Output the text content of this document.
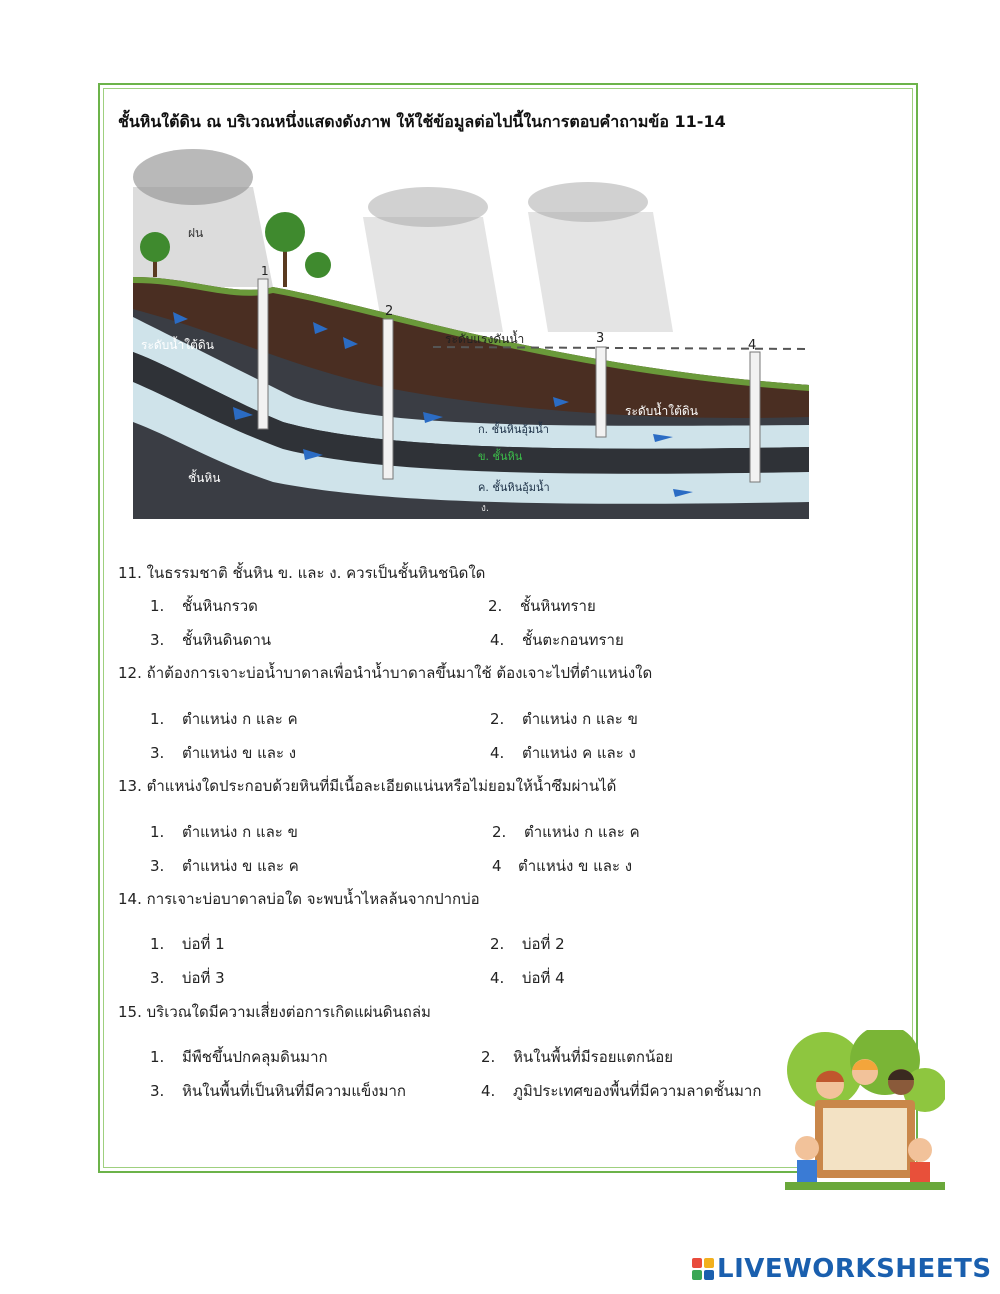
ชั้นหินใต้ดิน ณ บริเวณหนึ่งแสดงดังภาพ ให้ใช้ข้อมูลต่อไปนี้ในการตอบคำถามข้อ 11-14
ฝน
1
2
3	4
ระดับน้ำใต้ดิน	ระดับแรงดันน้ำ
ระดับน้ำใต้ดิน
ก. ชั้นหินอุ้มน้ำ
ข. ชั้นหิน
ค. ชั้นหินอุ้มน้ำ
ง.
ชั้นหิน
11. ในธรรมชาติ ชั้นหิน ข. และ ง. ควรเป็นชั้นหินชนิดใด
1. ชั้นหินกรวด	2. ชั้นหินทราย
3. ชั้นหินดินดาน	4. ชั้นตะกอนทราย
12. ถ้าต้องการเจาะบ่อน้ำบาดาลเพื่อนำน้ำบาดาลขึ้นมาใช้ ต้องเจาะไปที่ตำแหน่งใด
1. ตำแหน่ง ก และ ค	2. ตำแหน่ง ก และ ข
3. ตำแหน่ง ข และ ง	4. ตำแหน่ง ค และ ง
13. ตำแหน่งใดประกอบด้วยหินที่มีเนื้อละเอียดแน่นหรือไม่ยอมให้น้ำซึมผ่านได้
1. ตำแหน่ง ก และ ข	2. ตำแหน่ง ก และ ค
3. ตำแหน่ง ข และ ค	4 ตำแหน่ง ข และ ง
14. การเจาะบ่อบาดาลบ่อใด จะพบน้ำไหลล้นจากปากบ่อ
1. บ่อที่ 1	2. บ่อที่ 2
3. บ่อที่ 3	4. บ่อที่ 4
15. บริเวณใดมีความเสี่ยงต่อการเกิดแผ่นดินถล่ม
1. มีพืชขึ้นปกคลุมดินมาก	2. หินในพื้นที่มีรอยแตกน้อย
3. หินในพื้นที่เป็นหินที่มีความแข็งมาก	4. ภูมิประเทศของพื้นที่มีความลาดชั้นมาก
LIVEWORKSHEETS
